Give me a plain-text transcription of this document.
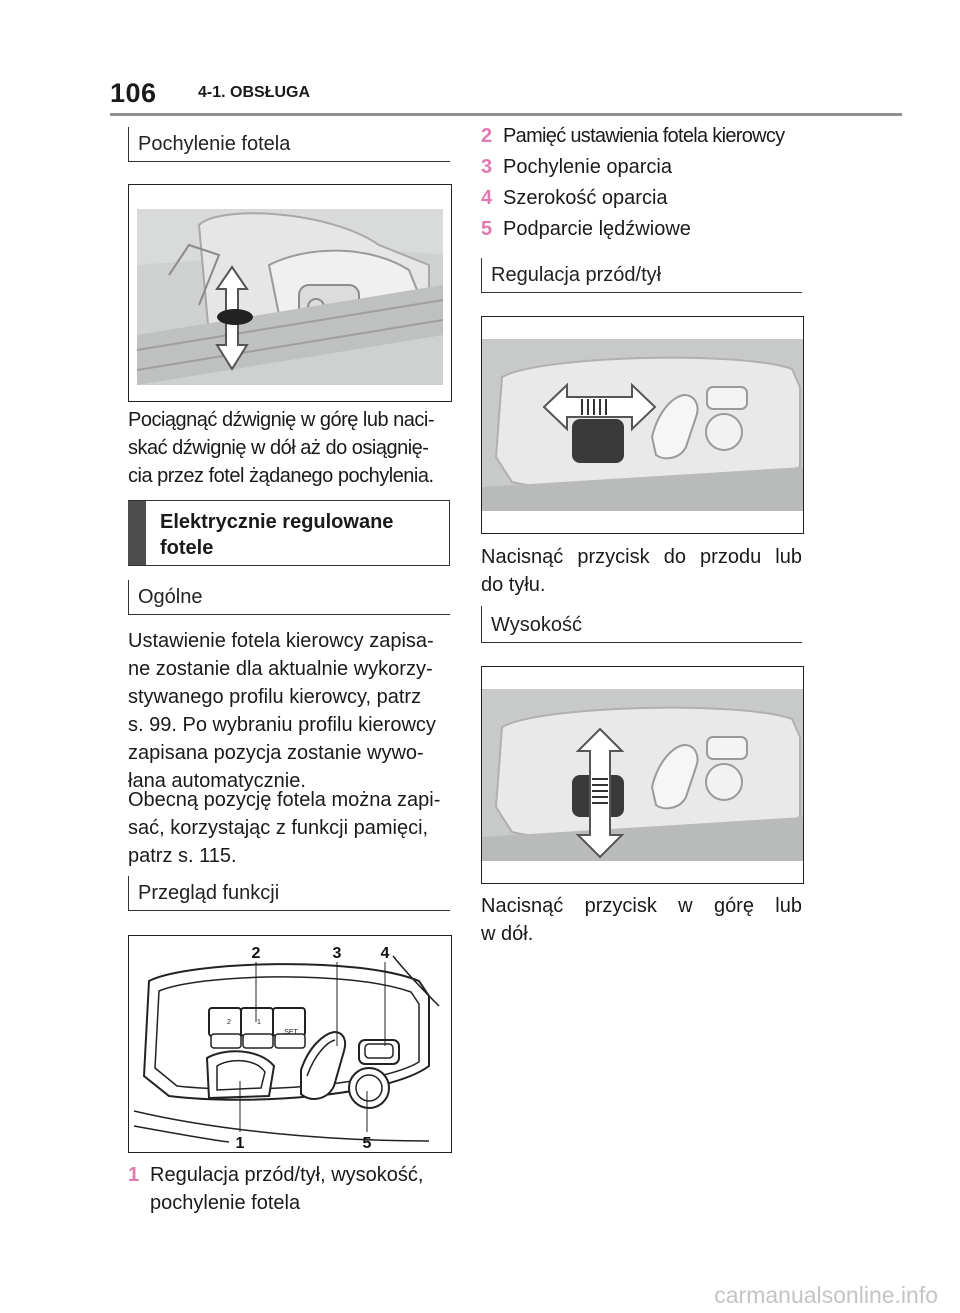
106	4-1. OBSŁUGA
Pochylenie fotela
Pociągnąć dźwignię w górę lub naci-
skać dźwignię w dół aż do osiągnię-
cia przez fotel żądanego pochylenia.
Elektrycznie regulowane
fotele
Ogólne
Ustawienie fotela kierowcy zapisa-
ne zostanie dla aktualnie wykorzy-
stywanego profilu kierowcy, patrz
s. 99. Po wybraniu profilu kierowcy
zapisana pozycja zostanie wywo-
łana automatycznie.
Obecną pozycję fotela można zapi-
sać, korzystając z funkcji pamięci,
patrz s. 115.
Przegląd funkcji
2	1
SET
2	3 4
1	5
1 Regulacja przód/tył, wysokość,
pochylenie fotela
2 Pamięć ustawienia fotela kierowcy
3 Pochylenie oparcia
4 Szerokość oparcia
5 Podparcie lędźwiowe
Regulacja przód/tył
Nacisnąć przycisk do przodu lub
do tyłu.
Wysokość
Nacisnąć przycisk w górę lub
w dół.
carmanualsonline.info
